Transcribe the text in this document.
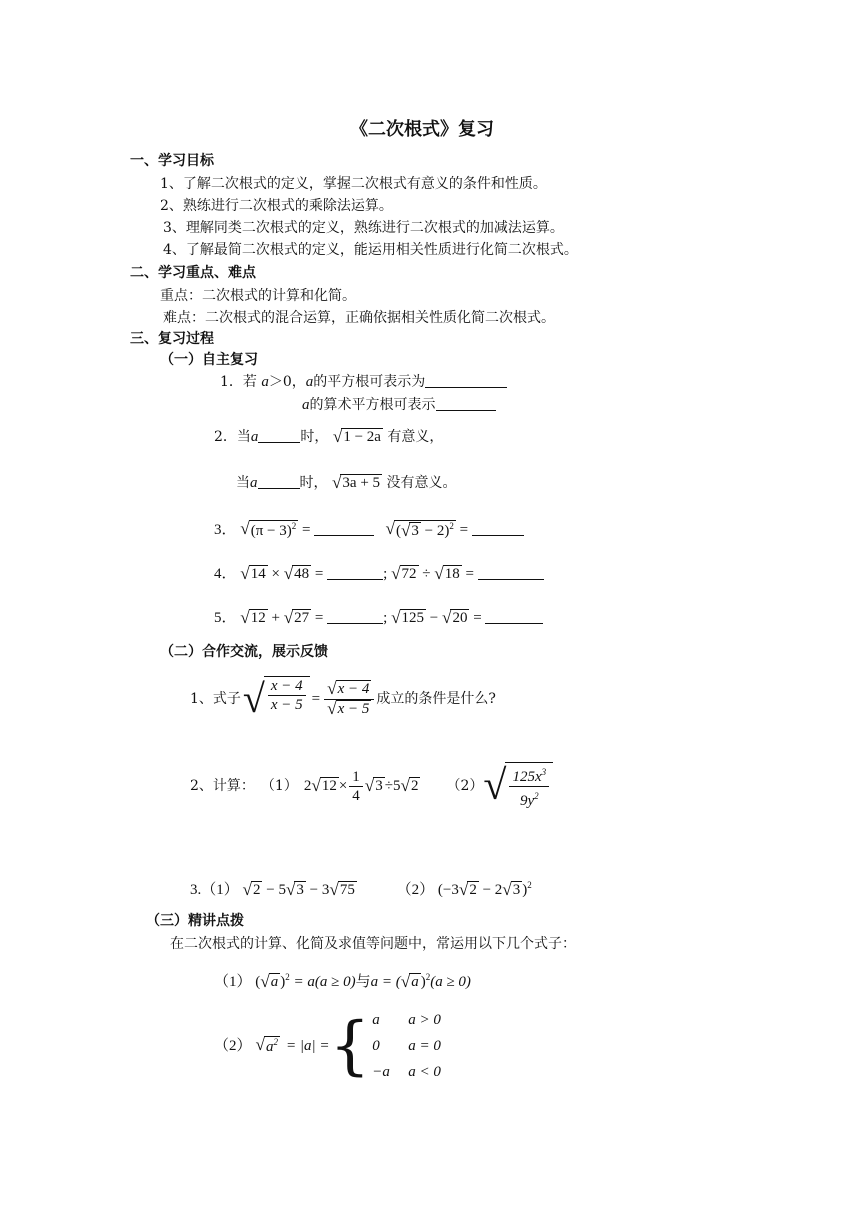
《二次根式》复习
一、学习目标
1、了解二次根式的定义，掌握二次根式有意义的条件和性质。
2、熟练进行二次根式的乘除法运算。
3、理解同类二次根式的定义，熟练进行二次根式的加减法运算。
4、了解最简二次根式的定义，能运用相关性质进行化简二次根式。
二、学习重点、难点
重点：二次根式的计算和化简。
难点：二次根式的混合运算，正确依据相关性质化简二次根式。
三、复习过程
（一）自主复习
1．若 a＞0，a的平方根可表示为
a的算术平方根可表示
2．当a	时， √ 1 − 2a 有意义，
当a	时， √ 3a + 5 没有意义。
3． √ $(\pi - 3)^2$ =	√ ( √ 3 − 2)$^2$ =
4． √ 14 × √ 48 =	; √ 72 ÷ √ 18 =
5． √ 12 + √ 27 =	; √ 125 − √ 20 =
（二）合作交流，展示反馈
1、式子 √ $\frac{x - 4}{x - 5} = \frac{√ x - 4}{√ x - 5}$ 成立的条件是什么?
2、计算： （1） 2 √ $12 \times \frac{1}{4}$ √ 3 ÷ 5 √ 2 （2） √ $\frac{125x^3}{9y^2}$
3.（1） √ 2 − 5 √ 3 − 3 √ 75	（2） (−3 √ 2 − 2 √ 3 )$^2$
（三）精讲点拨
在二次根式的计算、化简及求值等问题中，常运用以下几个式子：
（1） ( √ a )$^2$ = a(a ≥ 0)与a = ( √ a )$^2$(a ≥ 0)
（2） √ $a^2 = |a|$ = { a	a > 0
0	a = 0
−a	a < 0
